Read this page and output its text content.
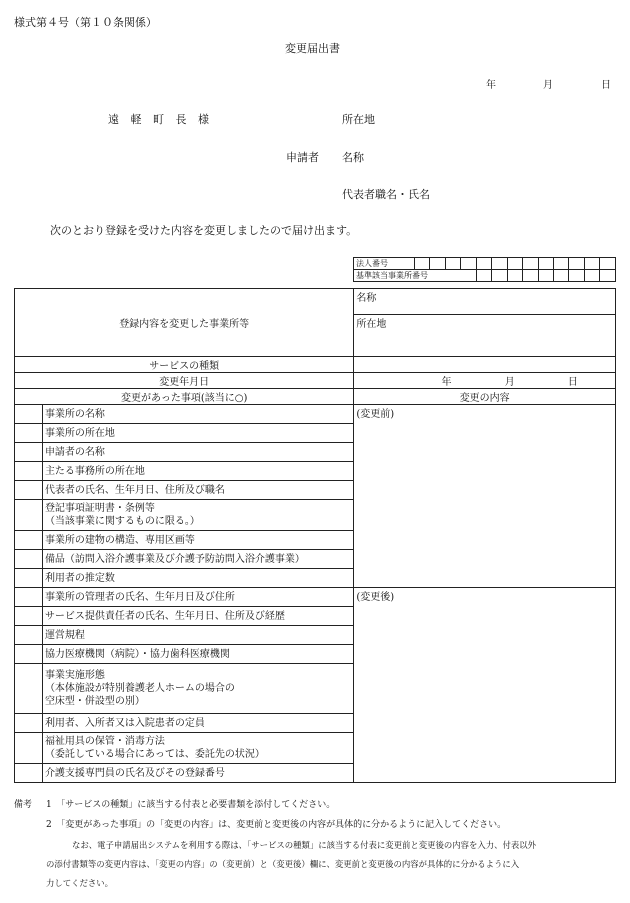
様式第４号（第１０条関係）
変更届出書
年	月	日
遠 軽 町 長 様	所在地
申請者 名称
代表者職名・氏名
次のとおり登録を受けた内容を変更しましたので届け出ます。
法人番号													
基準該当事業所番号													
登録内容を変更した事業所等		名称
		所在地
サービスの種類		
変更年月日		年 月 日
変更があった事項(該当に○)		変更の内容
	事業所の名称	(変更前)
	事業所の所在地	
	申請者の名称	
	主たる事務所の所在地	
	代表者の氏名、生年月日、住所及び職名	
	登記事項証明書・条例等
（当該事業に関するものに限る。）	
	事業所の建物の構造、専用区画等	
	備品（訪問入浴介護事業及び介護予防訪問入浴介護事業）	
	利用者の推定数	
	事業所の管理者の氏名、生年月日及び住所	(変更後)
	サービス提供責任者の氏名、生年月日、住所及び経歴	
	運営規程	
	協力医療機関（病院）・協力歯科医療機関	
	事業実施形態
（本体施設が特別養護老人ホームの場合の
空床型・併設型の別）	
	利用者、入所者又は入院患者の定員	
	福祉用具の保管・消毒方法
（委託している場合にあっては、委託先の状況）	
	介護支援専門員の氏名及びその登録番号	
備考 1　「サービスの種類」に該当する付表と必要書類を添付してください。
2　「変更があった事項」の「変更の内容」は、変更前と変更後の内容が具体的に分かるように記入してください。
なお、電子申請届出システムを利用する際は、「サービスの種類」に該当する付表に変更前と変更後の内容を入力、付表以外
の添付書類等の変更内容は、「変更の内容」の（変更前）と（変更後）欄に、変更前と変更後の内容が具体的に分かるように入
力してください。
